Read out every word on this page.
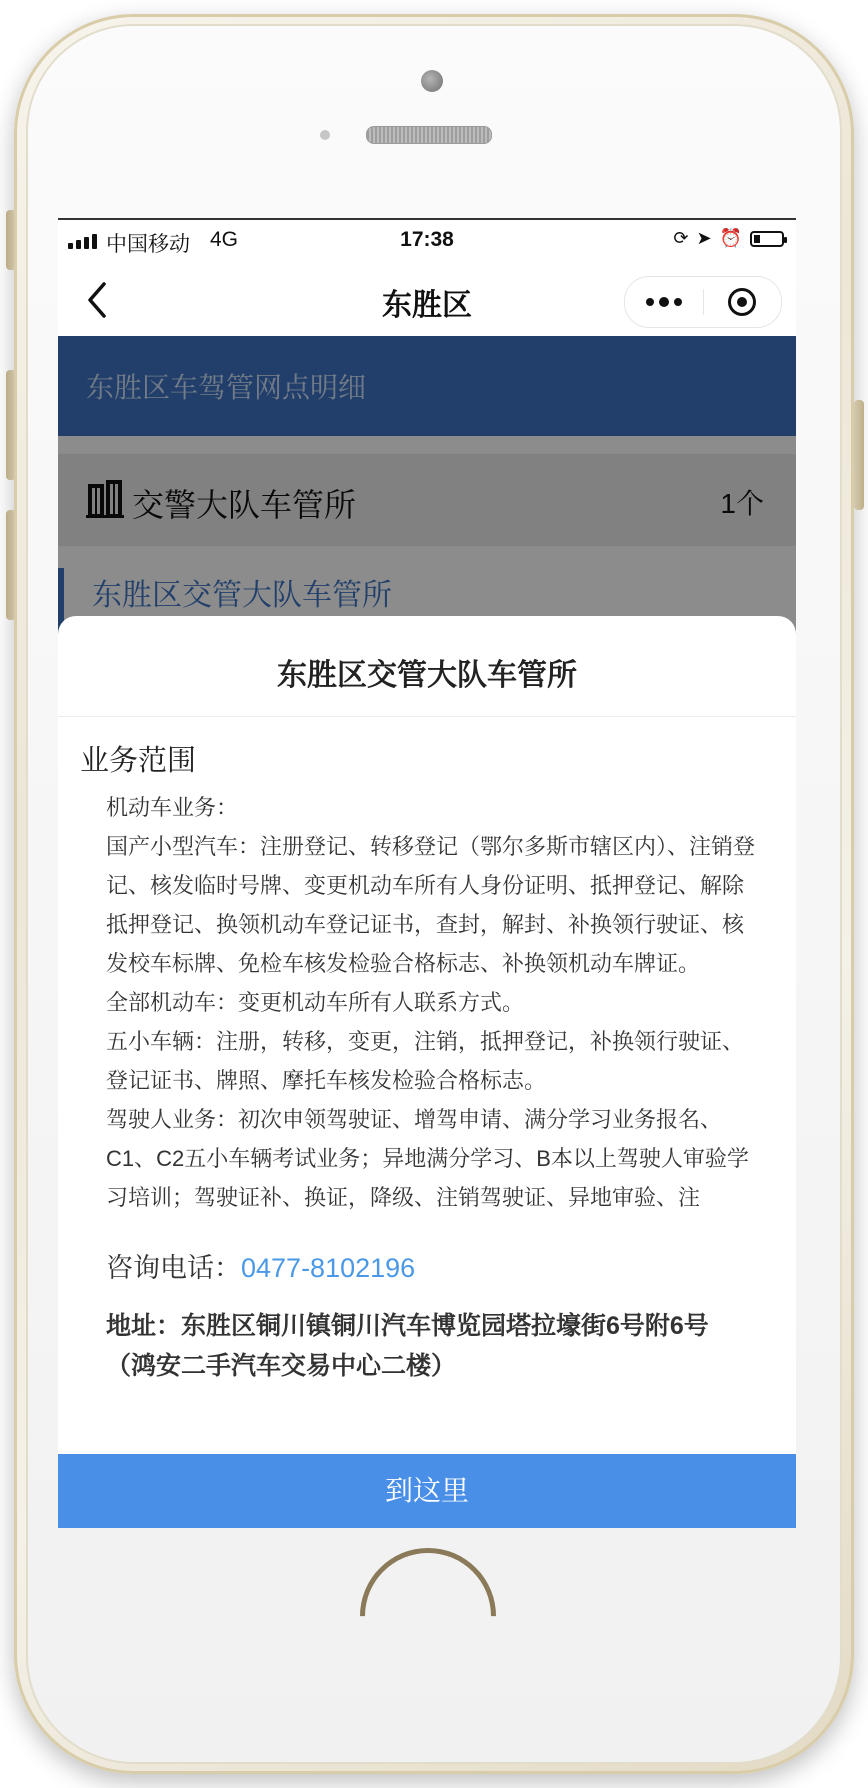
中国移动 4G	17:38	⟳ ➤ ⏰
东胜区
东胜区车驾管网点明细
交警大队车管所	1个
东胜区交管大队车管所
东胜区交管大队车管所
业务范围

机动车业务：

国产小型汽车：注册登记、转移登记（鄂尔多斯市辖区内）、注销登记、核发临时号牌、变更机动车所有人身份证明、抵押登记、解除抵押登记、换领机动车登记证书，查封，解封、补换领行驶证、核发校车标牌、免检车核发检验合格标志、补换领机动车牌证。

全部机动车：变更机动车所有人联系方式。

五小车辆：注册，转移，变更，注销，抵押登记，补换领行驶证、登记证书、牌照、摩托车核发检验合格标志。

驾驶人业务：初次申领驾驶证、增驾申请、满分学习业务报名、C1、C2五小车辆考试业务；异地满分学习、B本以上驾驶人审验学习培训；驾驶证补、换证，降级、注销驾驶证、异地审验、注

咨询电话：0477-8102196
地址：东胜区铜川镇铜川汽车博览园塔拉壕街6号附6号（鸿安二手汽车交易中心二楼）
到这里
